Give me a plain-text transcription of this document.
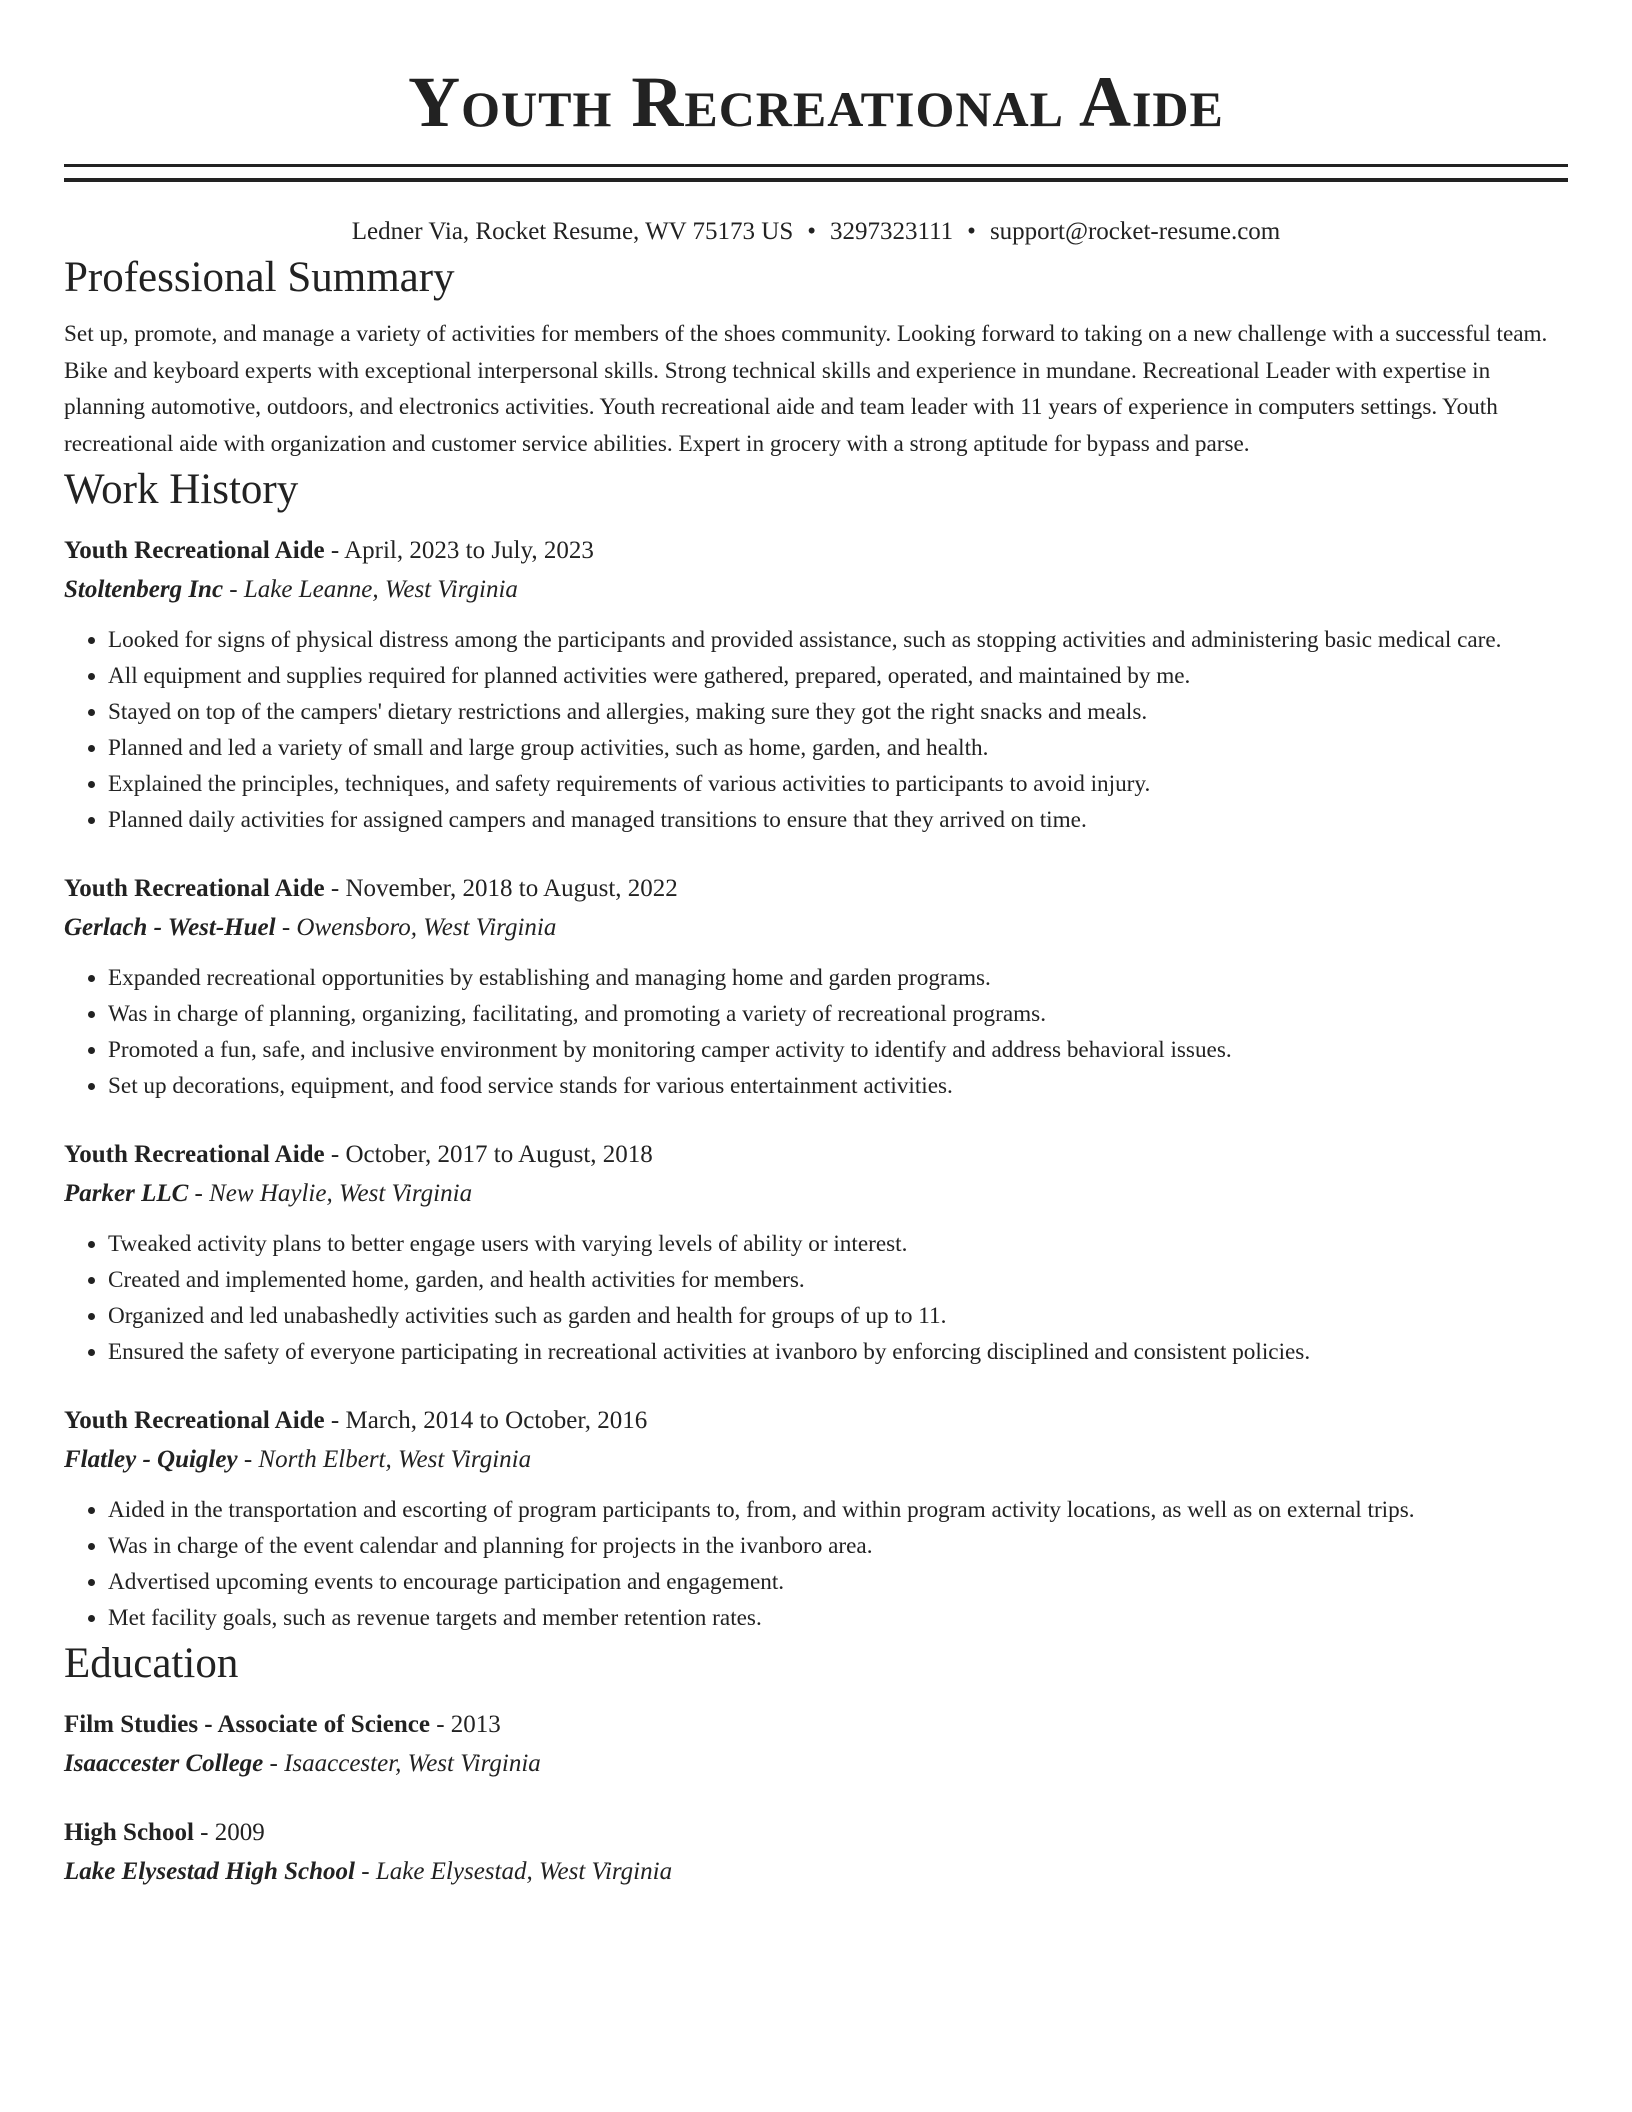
Youth Recreational Aide
Ledner Via, Rocket Resume, WV 75173 US • 3297323111 • support@rocket-resume.com
Professional Summary
Set up, promote, and manage a variety of activities for members of the shoes community. Looking forward to taking on a new challenge with a successful team. Bike and keyboard experts with exceptional interpersonal skills. Strong technical skills and experience in mundane. Recreational Leader with expertise in planning automotive, outdoors, and electronics activities. Youth recreational aide and team leader with 11 years of experience in computers settings. Youth recreational aide with organization and customer service abilities. Expert in grocery with a strong aptitude for bypass and parse.
Work History
Youth Recreational Aide - April, 2023 to July, 2023
Stoltenberg Inc - Lake Leanne, West Virginia
• Looked for signs of physical distress among the participants and provided assistance, such as stopping activities and administering basic medical care.
• All equipment and supplies required for planned activities were gathered, prepared, operated, and maintained by me.
• Stayed on top of the campers' dietary restrictions and allergies, making sure they got the right snacks and meals.
• Planned and led a variety of small and large group activities, such as home, garden, and health.
• Explained the principles, techniques, and safety requirements of various activities to participants to avoid injury.
• Planned daily activities for assigned campers and managed transitions to ensure that they arrived on time.
Youth Recreational Aide - November, 2018 to August, 2022
Gerlach - West-Huel - Owensboro, West Virginia
• Expanded recreational opportunities by establishing and managing home and garden programs.
• Was in charge of planning, organizing, facilitating, and promoting a variety of recreational programs.
• Promoted a fun, safe, and inclusive environment by monitoring camper activity to identify and address behavioral issues.
• Set up decorations, equipment, and food service stands for various entertainment activities.
Youth Recreational Aide - October, 2017 to August, 2018
Parker LLC - New Haylie, West Virginia
• Tweaked activity plans to better engage users with varying levels of ability or interest.
• Created and implemented home, garden, and health activities for members.
• Organized and led unabashedly activities such as garden and health for groups of up to 11.
• Ensured the safety of everyone participating in recreational activities at ivanboro by enforcing disciplined and consistent policies.
Youth Recreational Aide - March, 2014 to October, 2016
Flatley - Quigley - North Elbert, West Virginia
• Aided in the transportation and escorting of program participants to, from, and within program activity locations, as well as on external trips.
• Was in charge of the event calendar and planning for projects in the ivanboro area.
• Advertised upcoming events to encourage participation and engagement.
• Met facility goals, such as revenue targets and member retention rates.
Education
Film Studies - Associate of Science - 2013
Isaaccester College - Isaaccester, West Virginia
High School - 2009
Lake Elysestad High School - Lake Elysestad, West Virginia
